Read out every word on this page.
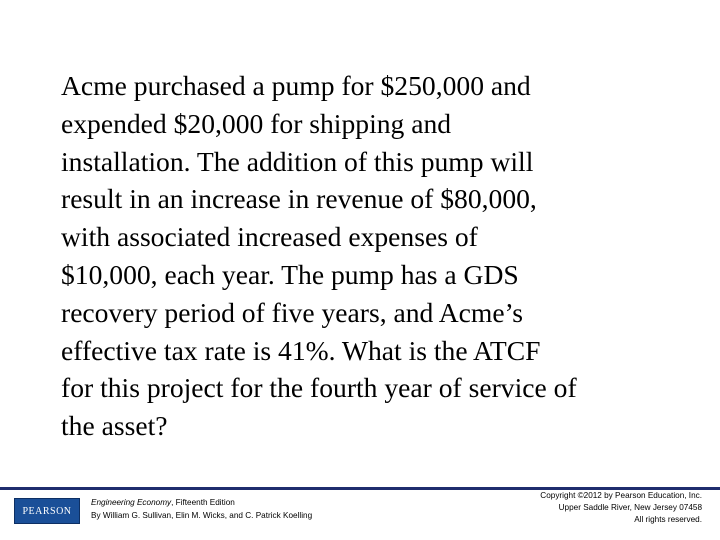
Acme purchased a pump for $250,000 and
expended $20,000 for shipping and
installation. The addition of this pump will
result in an increase in revenue of $80,000,
with associated increased expenses of
$10,000, each year. The pump has a GDS
recovery period of five years, and Acme’s
effective tax rate is 41%. What is the ATCF
for this project for the fourth year of service of
the asset?
PEARSON
Engineering Economy, Fifteenth Edition
By William G. Sullivan, Elin M. Wicks, and C. Patrick Koelling
Copyright ©2012 by Pearson Education, Inc.
Upper Saddle River, New Jersey 07458
All rights reserved.
